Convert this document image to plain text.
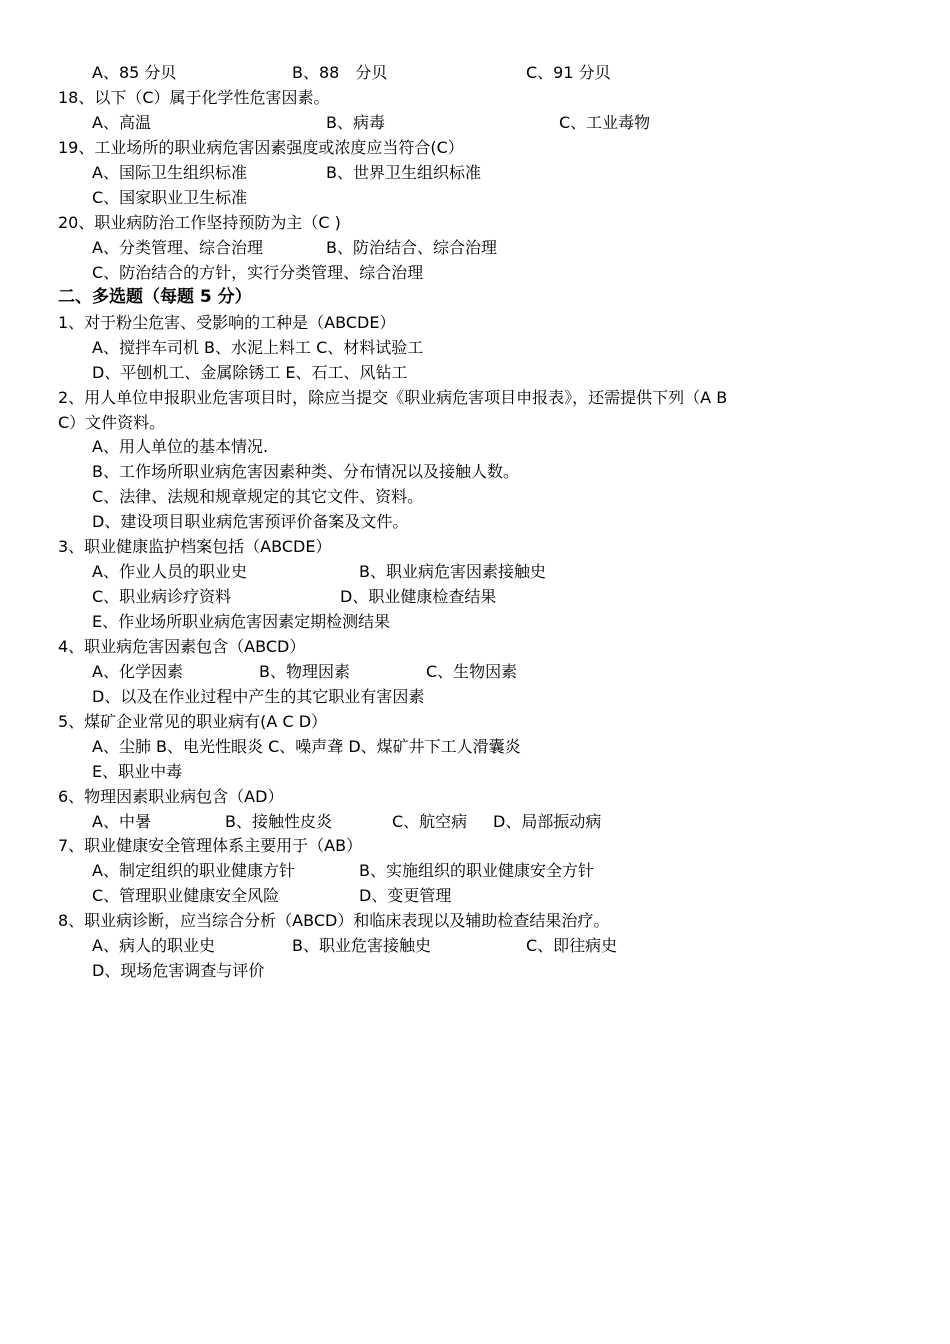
A、85 分贝	B、88　分贝	C、91 分贝
18、以下（C）属于化学性危害因素。
A、高温	B、病毒	C、工业毒物
19、工业场所的职业病危害因素强度或浓度应当符合(C）
A、国际卫生组织标准	B、世界卫生组织标准
C、国家职业卫生标准
20、职业病防治工作坚持预防为主（C )
A、分类管理、综合治理	B、防治结合、综合治理
C、防治结合的方针，实行分类管理、综合治理
二、多选题（每题 5 分）
1、对于粉尘危害、受影响的工种是（ABCDE）
A、搅拌车司机 B、水泥上料工 C、材料试验工
D、平刨机工、金属除锈工 E、石工、风钻工
2、用人单位申报职业危害项目时，除应当提交《职业病危害项目申报表》，还需提供下列（A B
C）文件资料。
A、用人单位的基本情况.
B、工作场所职业病危害因素种类、分布情况以及接触人数。
C、法律、法规和规章规定的其它文件、资料。
D、建设项目职业病危害预评价备案及文件。
3、职业健康监护档案包括（ABCDE）
A、作业人员的职业史	B、职业病危害因素接触史
C、职业病诊疗资料	D、职业健康检查结果
E、作业场所职业病危害因素定期检测结果
4、职业病危害因素包含（ABCD）
A、化学因素	B、物理因素	C、生物因素
D、以及在作业过程中产生的其它职业有害因素
5、煤矿企业常见的职业病有(A C D）
A、尘肺 B、电光性眼炎 C、噪声聋 D、煤矿井下工人滑囊炎
E、职业中毒
6、物理因素职业病包含（AD）
A、中暑	B、接触性皮炎	C、航空病 D、局部振动病
7、职业健康安全管理体系主要用于（AB）
A、制定组织的职业健康方针	B、实施组织的职业健康安全方针
C、管理职业健康安全风险	D、变更管理
8、职业病诊断，应当综合分析（ABCD）和临床表现以及辅助检查结果治疗。
A、病人的职业史	B、职业危害接触史	C、即往病史
D、现场危害调查与评价
